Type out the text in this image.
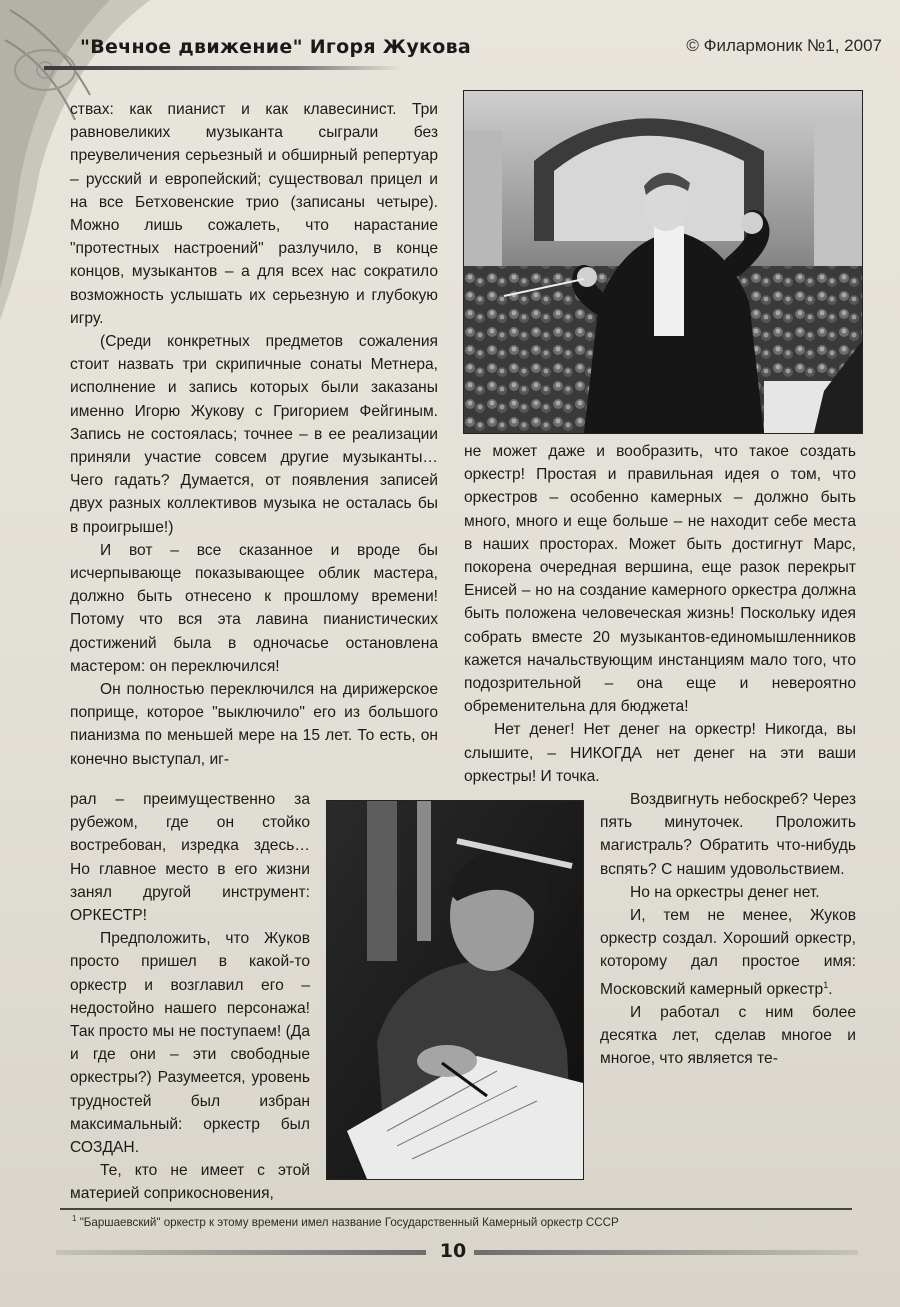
"Вечное движение" Игоря Жукова	© Филармоник №1, 2007

ствах: как пианист и как клавесинист. Три равновеликих музыканта сыграли без преувеличения серьезный и обширный репертуар – русский и европейский; существовал прицел и на все Бетховенские трио (записаны четыре). Можно лишь сожалеть, что нарастание "протестных настроений" разлучило, в конце концов, музыкантов – а для всех нас сократило возможность услышать их серьезную и глубокую игру.

(Среди конкретных предметов сожаления стоит назвать три скрипичные сонаты Метнера, исполнение и запись которых были заказаны именно Игорю Жукову с Григорием Фейгиным. Запись не состоялась; точнее – в ее реализации приняли участие совсем другие музыканты… Чего гадать? Думается, от появления записей двух разных коллективов музыка не осталась бы в проигрыше!)

И вот – все сказанное и вроде бы исчерпывающе показывающее облик мастера, должно быть отнесено к прошлому времени! Потому что вся эта лавина пианистических достижений была в одночасье остановлена мастером: он переключился!

Он полностью переключился на дирижерское поприще, которое "выключило" его из большого пианизма по меньшей мере на 15 лет. То есть, он конечно выступал, иг-

не может даже и вообразить, что такое создать оркестр! Простая и правильная идея о том, что оркестров – особенно камерных – должно быть много, много и еще больше – не находит себе места в наших просторах. Может быть достигнут Марс, покорена очередная вершина, еще разок перекрыт Енисей – но на создание камерного оркестра должна быть положена человеческая жизнь! Поскольку идея собрать вместе 20 музыкантов-единомышленников кажется начальствующим инстанциям мало того, что подозрительной – она еще и невероятно обременительна для бюджета!

Нет денег! Нет денег на оркестр! Никогда, вы слышите, – НИКОГДА нет денег на эти ваши оркестры! И точка.

рал – преимущественно за рубежом, где он стойко востребован, изредка здесь… Но главное место в его жизни занял другой инструмент: ОРКЕСТР!

Предположить, что Жуков просто пришел в какой-то оркестр и возглавил его – недостойно нашего персонажа! Так просто мы не поступаем! (Да и где они – эти свободные оркестры?) Разумеется, уровень трудностей был избран максимальный: оркестр был СОЗДАН.

Те, кто не имеет с этой материей соприкосновения,

Воздвигнуть небоскреб? Через пять минуточек. Проложить магистраль? Обратить что-нибудь вспять? С нашим удовольствием.

Но на оркестры денег нет.

И, тем не менее, Жуков оркестр создал. Хороший оркестр, которому дал простое имя: Московский камерный оркестр$^1$.

И работал с ним более десятка лет, сделав многое и многое, что является те-

$^1$ "Баршаевский" оркестр к этому времени имел название Государственный Камерный оркестр СССР
10
